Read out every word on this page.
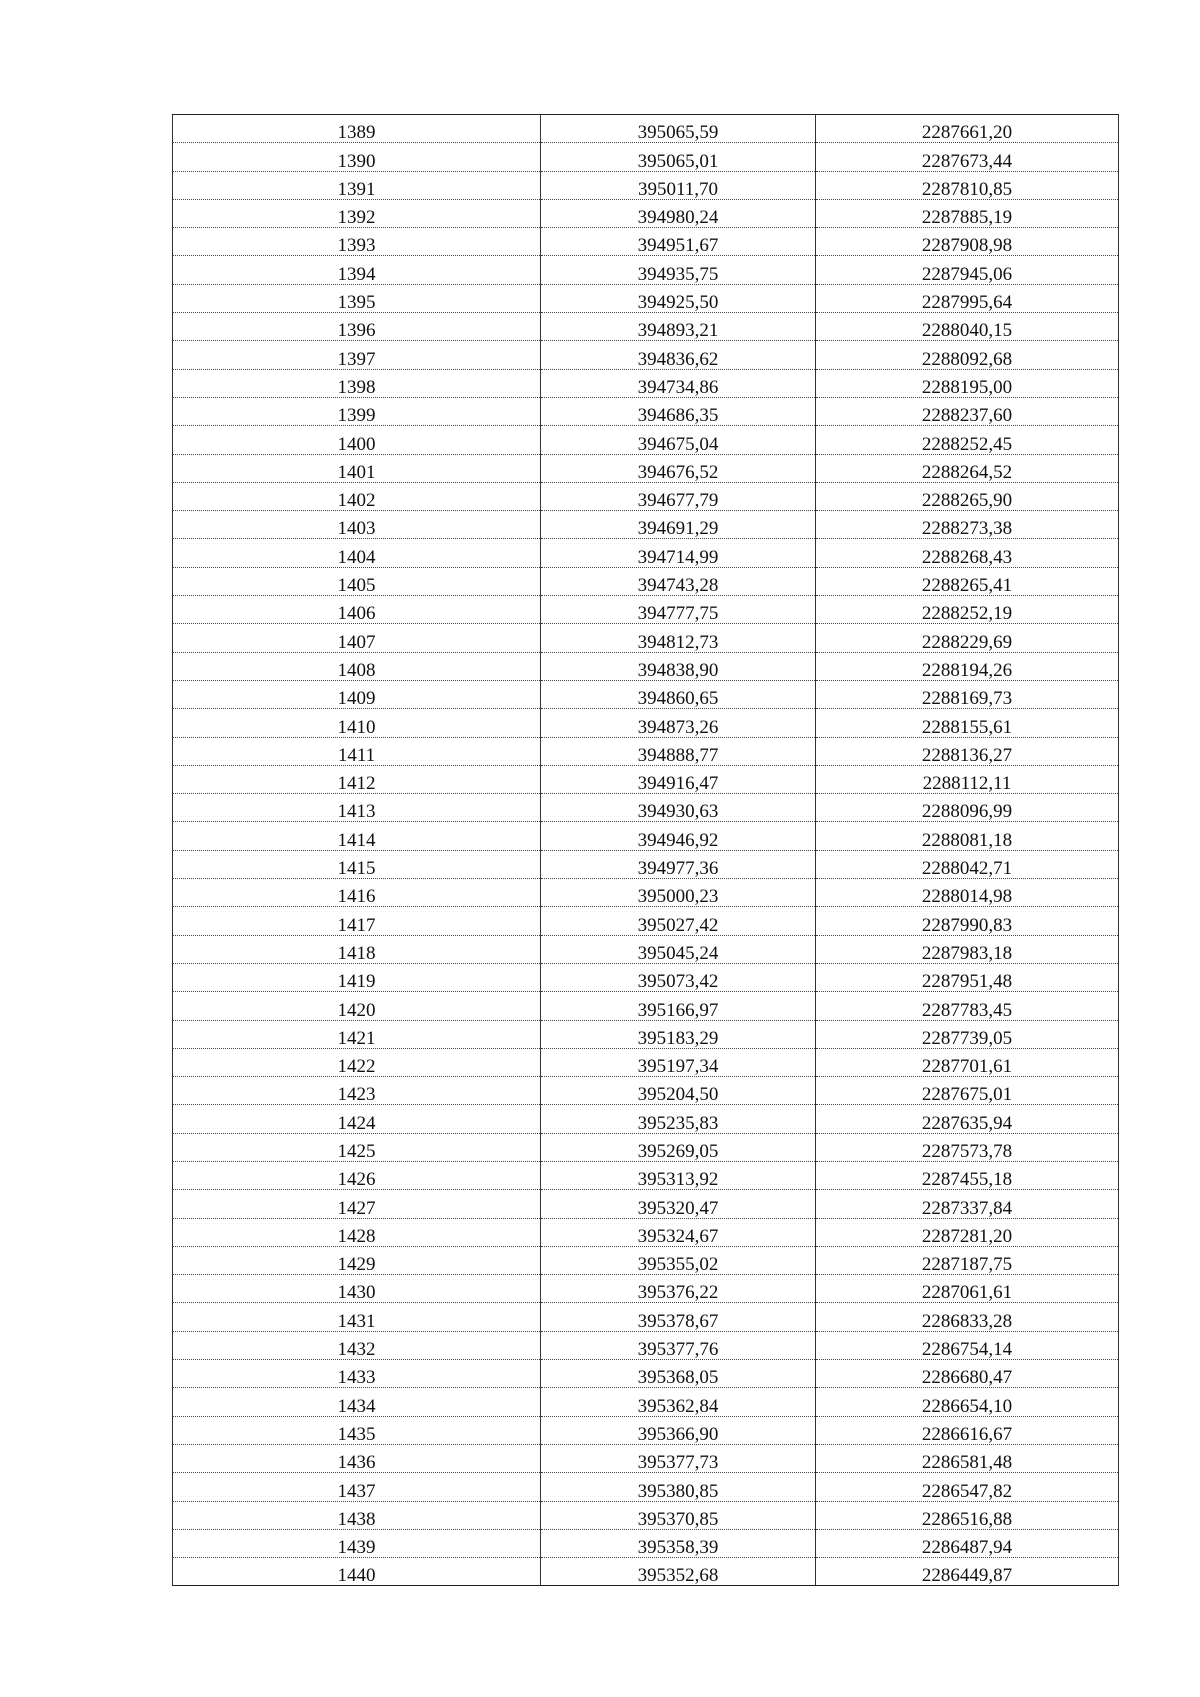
1389	395065,59	2287661,20
1390	395065,01	2287673,44
1391	395011,70	2287810,85
1392	394980,24	2287885,19
1393	394951,67	2287908,98
1394	394935,75	2287945,06
1395	394925,50	2287995,64
1396	394893,21	2288040,15
1397	394836,62	2288092,68
1398	394734,86	2288195,00
1399	394686,35	2288237,60
1400	394675,04	2288252,45
1401	394676,52	2288264,52
1402	394677,79	2288265,90
1403	394691,29	2288273,38
1404	394714,99	2288268,43
1405	394743,28	2288265,41
1406	394777,75	2288252,19
1407	394812,73	2288229,69
1408	394838,90	2288194,26
1409	394860,65	2288169,73
1410	394873,26	2288155,61
1411	394888,77	2288136,27
1412	394916,47	2288112,11
1413	394930,63	2288096,99
1414	394946,92	2288081,18
1415	394977,36	2288042,71
1416	395000,23	2288014,98
1417	395027,42	2287990,83
1418	395045,24	2287983,18
1419	395073,42	2287951,48
1420	395166,97	2287783,45
1421	395183,29	2287739,05
1422	395197,34	2287701,61
1423	395204,50	2287675,01
1424	395235,83	2287635,94
1425	395269,05	2287573,78
1426	395313,92	2287455,18
1427	395320,47	2287337,84
1428	395324,67	2287281,20
1429	395355,02	2287187,75
1430	395376,22	2287061,61
1431	395378,67	2286833,28
1432	395377,76	2286754,14
1433	395368,05	2286680,47
1434	395362,84	2286654,10
1435	395366,90	2286616,67
1436	395377,73	2286581,48
1437	395380,85	2286547,82
1438	395370,85	2286516,88
1439	395358,39	2286487,94
1440	395352,68	2286449,87
